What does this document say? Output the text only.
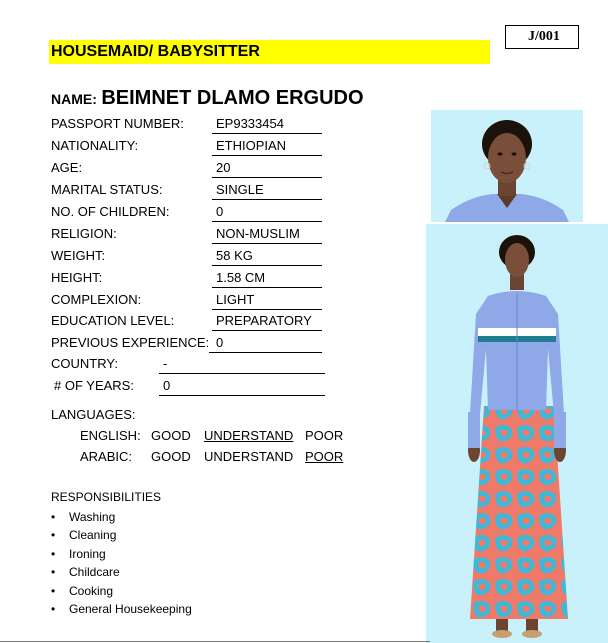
J/001
HOUSEMAID/ BABYSITTER
NAME: BEIMNET DLAMO ERGUDO
PASSPORT NUMBER: EP9333454
NATIONALITY:	ETHIOPIAN
AGE:	20
MARITAL STATUS:	SINGLE
NO. OF CHILDREN:	0
RELIGION:	NON-MUSLIM
WEIGHT:	58 KG
HEIGHT:	1.58 CM
COMPLEXION:	LIGHT
EDUCATION LEVEL:	PREPARATORY
PREVIOUS EXPERIENCE: 0
COUNTRY:	-
# OF YEARS: 0
LANGUAGES:
ENGLISH: GOOD UNDERSTAND POOR
ARABIC: GOOD UNDERSTAND POOR
RESPONSIBILITIES
• Washing
• Cleaning
• Ironing
• Childcare
• Cooking
• General Housekeeping
